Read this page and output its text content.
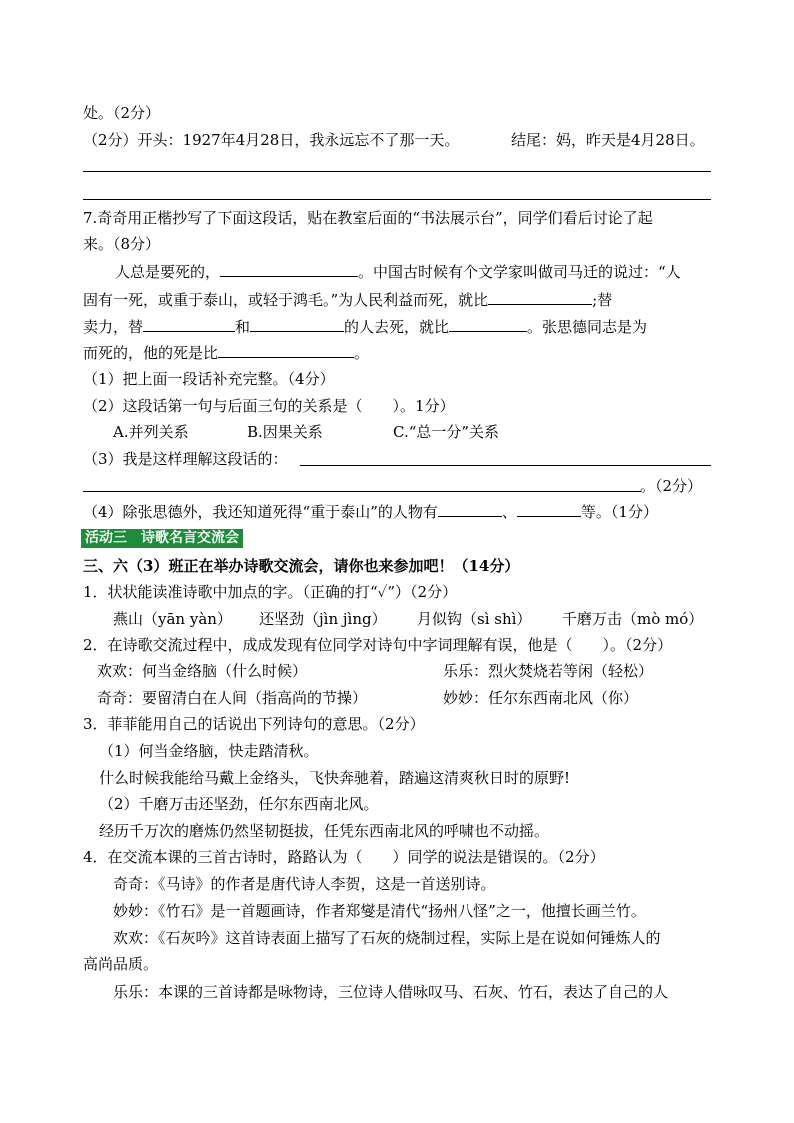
处。（2分）
（2分）开头：1927年4月28日，我永远忘不了那一天。	结尾：妈，昨天是4月28日。
7.奇奇用正楷抄写了下面这段话，贴在教室后面的“书法展示台”，同学们看后讨论了起
来。（8分）
人总是要死的，	。中国古时候有个文学家叫做司马迁的说过：“人
固有一死，或重于泰山，或轻于鸿毛。”为人民利益而死，就比	;替
卖力，替	和	的人去死，就比	。张思德同志是为
而死的，他的死是比	。
（1）把上面一段话补充完整。（4分）
（2）这段话第一句与后面三句的关系是（　　）。1分）
A.并列关系	B.因果关系	C.“总一分”关系
（3）我是这样理解这段话的：
。（2分）
（4）除张思德外，我还知道死得“重于泰山”的人物有	、	等。（1分）
活动三　诗歌名言交流会
三、六（3）班正在举办诗歌交流会，请你也来参加吧！（14分）
1．状状能读准诗歌中加点的字。（正确的打“✓”）（2分）
燕山（yān yàn） 还坚劲（jìn jìng） 月似钩（sì shì） 千磨万击（mò mó）
2．在诗歌交流过程中，成成发现有位同学对诗句中字词理解有误，他是（　　）。（2分）
欢欢：何当金络脑（什么时候）	乐乐：烈火焚烧若等闲（轻松）
奇奇：要留清白在人间（指高尚的节操）	妙妙：任尔东西南北风（你）
3．菲菲能用自己的话说出下列诗句的意思。（2分）
（1）何当金络脑，快走踏清秋。
什么时候我能给马戴上金络头，飞快奔驰着，踏遍这清爽秋日时的原野!
（2）千磨万击还坚劲，任尔东西南北风。
经历千万次的磨炼仍然坚韧挺拔，任凭东西南北风的呼啸也不动摇。
4．在交流本课的三首古诗时，路路认为（　　）同学的说法是错误的。（2分）
奇奇：《马诗》的作者是唐代诗人李贺，这是一首送别诗。
妙妙：《竹石》是一首题画诗，作者郑燮是清代“扬州八怪”之一，他擅长画兰竹。
欢欢：《石灰吟》这首诗表面上描写了石灰的烧制过程，实际上是在说如何锤炼人的
高尚品质。
乐乐：本课的三首诗都是咏物诗，三位诗人借咏叹马、石灰、竹石，表达了自己的人
